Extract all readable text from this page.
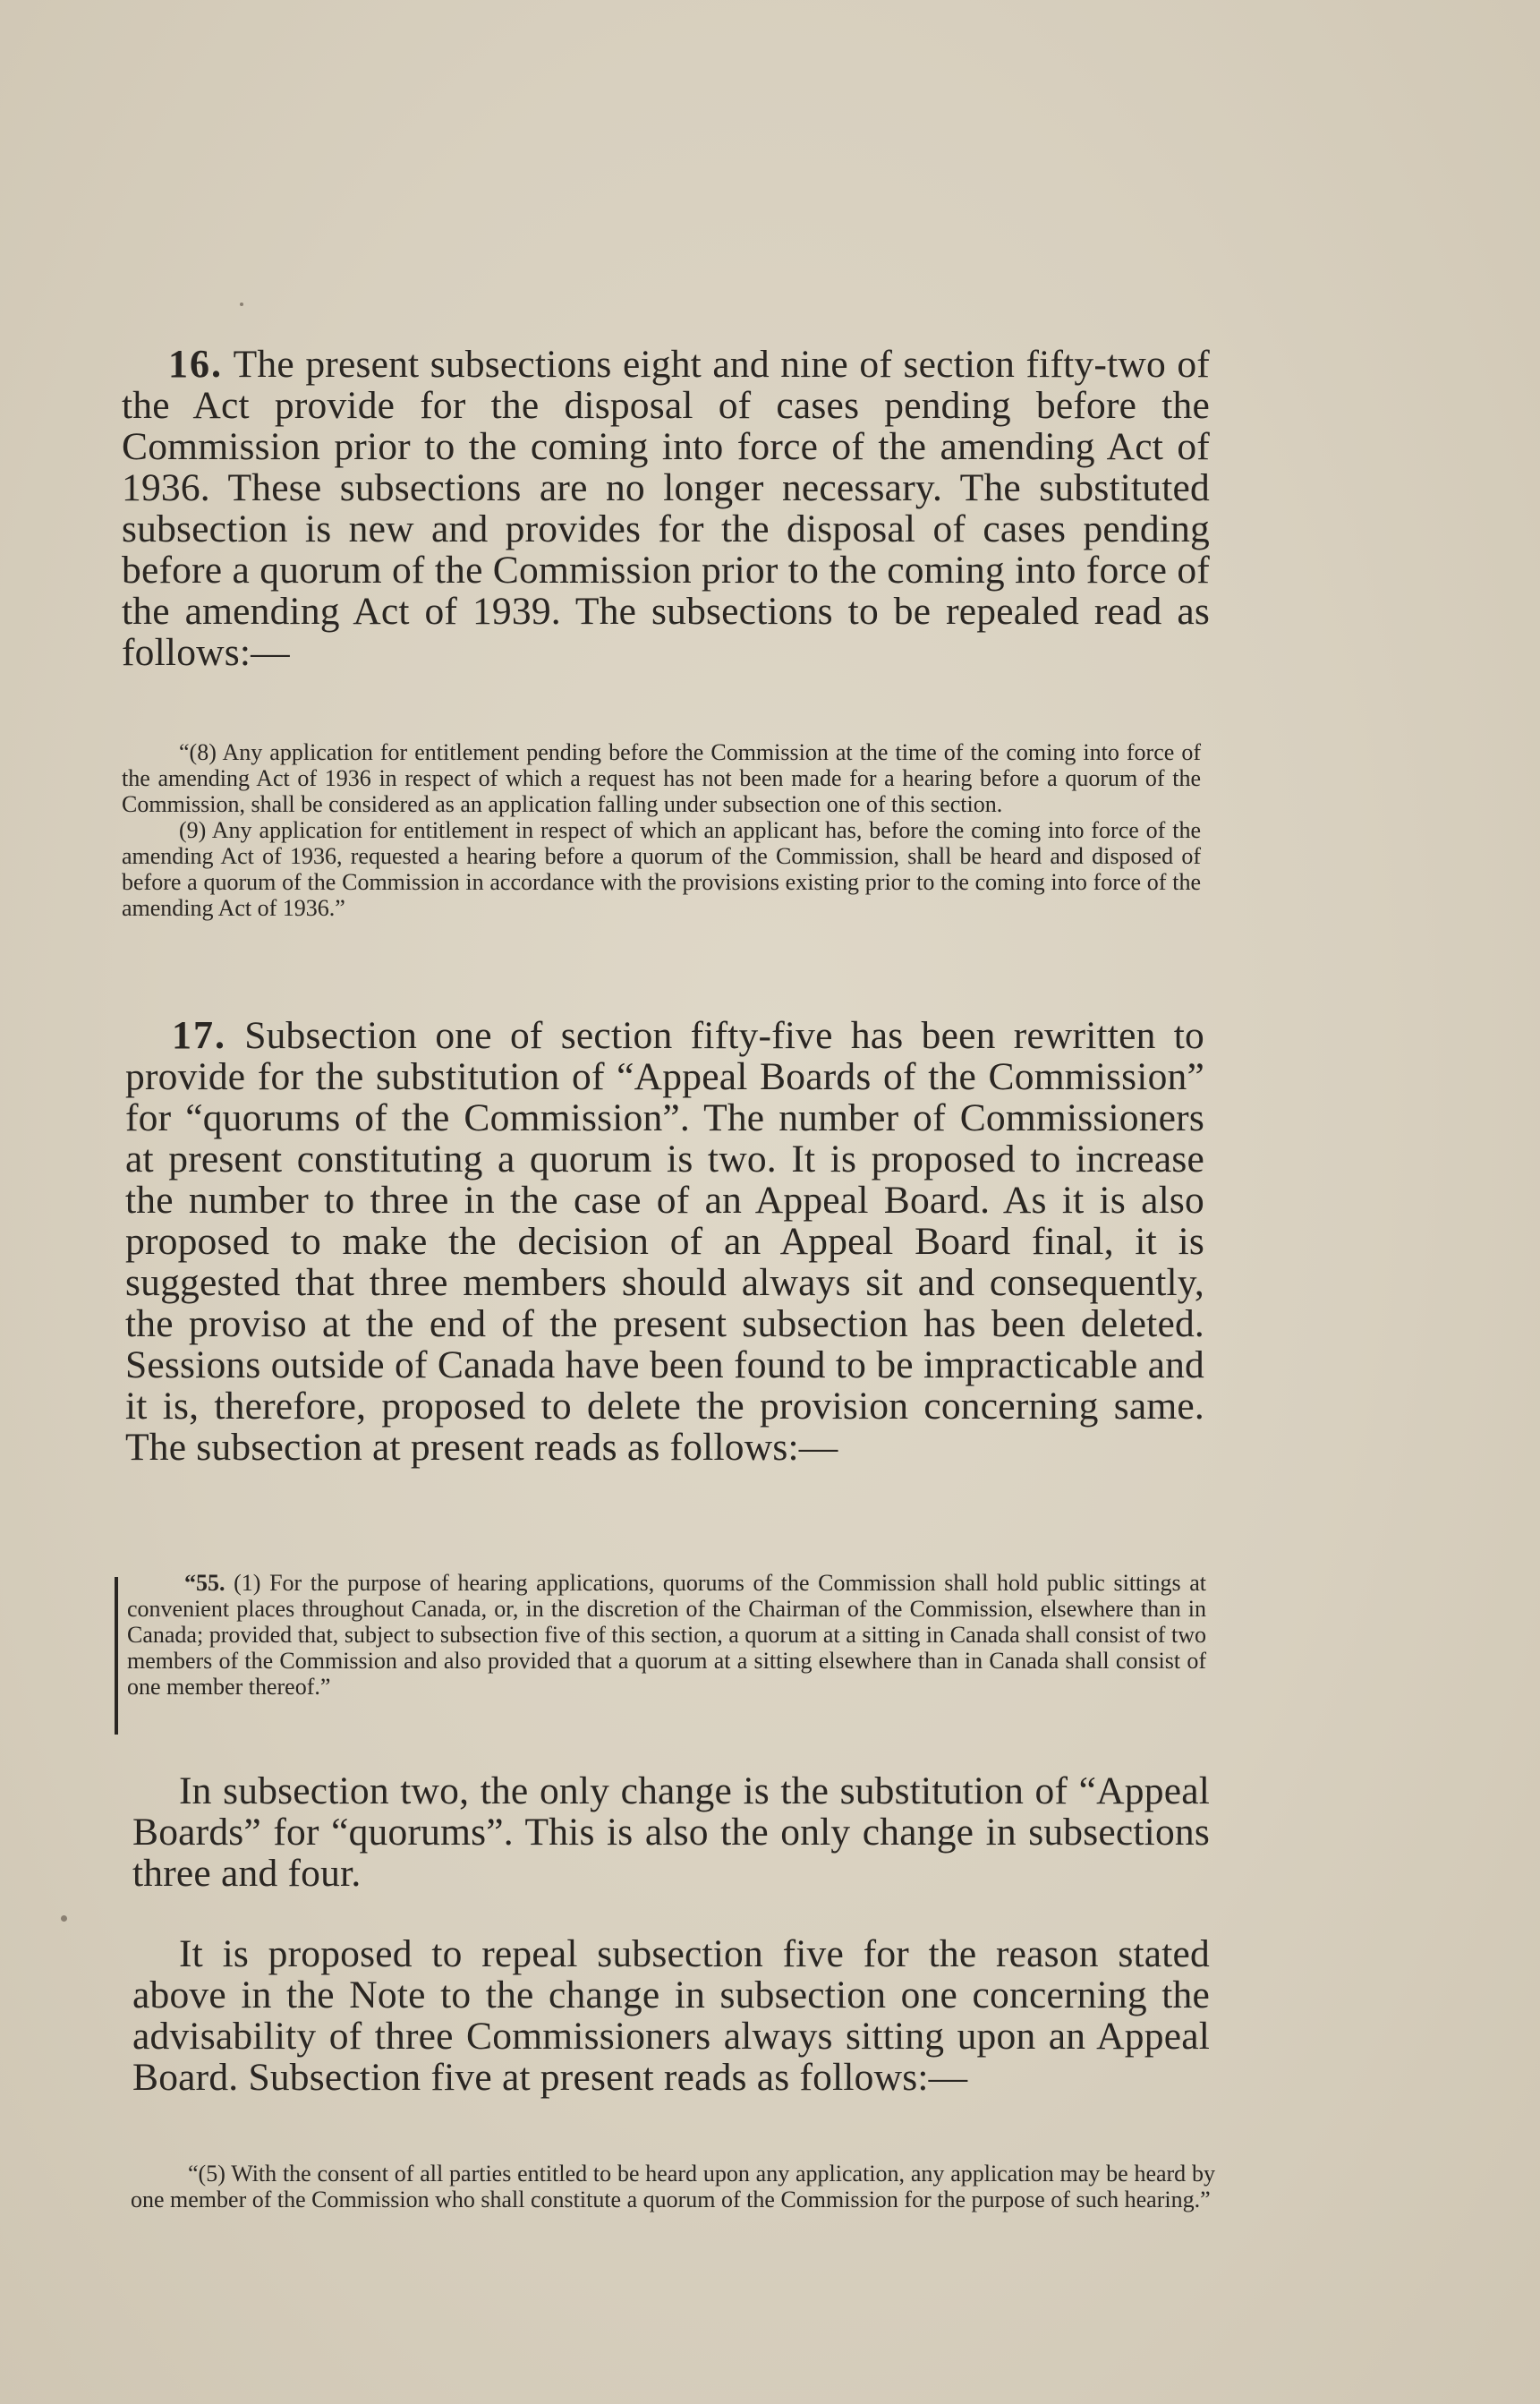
16. The present subsections eight and nine of section fifty-two of the Act provide for the disposal of cases pending before the Commission prior to the coming into force of the amending Act of 1936. These subsections are no longer necessary. The substituted subsection is new and provides for the disposal of cases pending before a quorum of the Commission prior to the coming into force of the amending Act of 1939. The subsections to be repealed read as follows:—

“(8) Any application for entitlement pending before the Commission at the time of the coming into force of the amending Act of 1936 in respect of which a request has not been made for a hearing before a quorum of the Commission, shall be considered as an application falling under subsection one of this section.

(9) Any application for entitlement in respect of which an applicant has, before the coming into force of the amending Act of 1936, requested a hearing before a quorum of the Commission, shall be heard and disposed of before a quorum of the Commission in accordance with the provisions existing prior to the coming into force of the amending Act of 1936.”

17. Subsection one of section fifty-five has been rewritten to provide for the substitution of “Appeal Boards of the Commission” for “quorums of the Commission”. The number of Commissioners at present constituting a quorum is two. It is proposed to increase the number to three in the case of an Appeal Board. As it is also proposed to make the decision of an Appeal Board final, it is suggested that three members should always sit and consequently, the proviso at the end of the present subsection has been deleted. Sessions outside of Canada have been found to be impracticable and it is, therefore, proposed to delete the provision concerning same. The subsection at present reads as follows:—

“55. (1) For the purpose of hearing applications, quorums of the Commission shall hold public sittings at convenient places throughout Canada, or, in the discretion of the Chairman of the Commission, elsewhere than in Canada; provided that, subject to subsection five of this section, a quorum at a sitting in Canada shall consist of two members of the Commission and also provided that a quorum at a sitting elsewhere than in Canada shall consist of one member thereof.”

In subsection two, the only change is the substitution of “Appeal Boards” for “quorums”. This is also the only change in subsections three and four.

It is proposed to repeal subsection five for the reason stated above in the Note to the change in subsection one concerning the advisability of three Commissioners always sitting upon an Appeal Board. Subsection five at present reads as follows:—

“(5) With the consent of all parties entitled to be heard upon any application, any application may be heard by one member of the Commission who shall constitute a quorum of the Commission for the purpose of such hearing.”
